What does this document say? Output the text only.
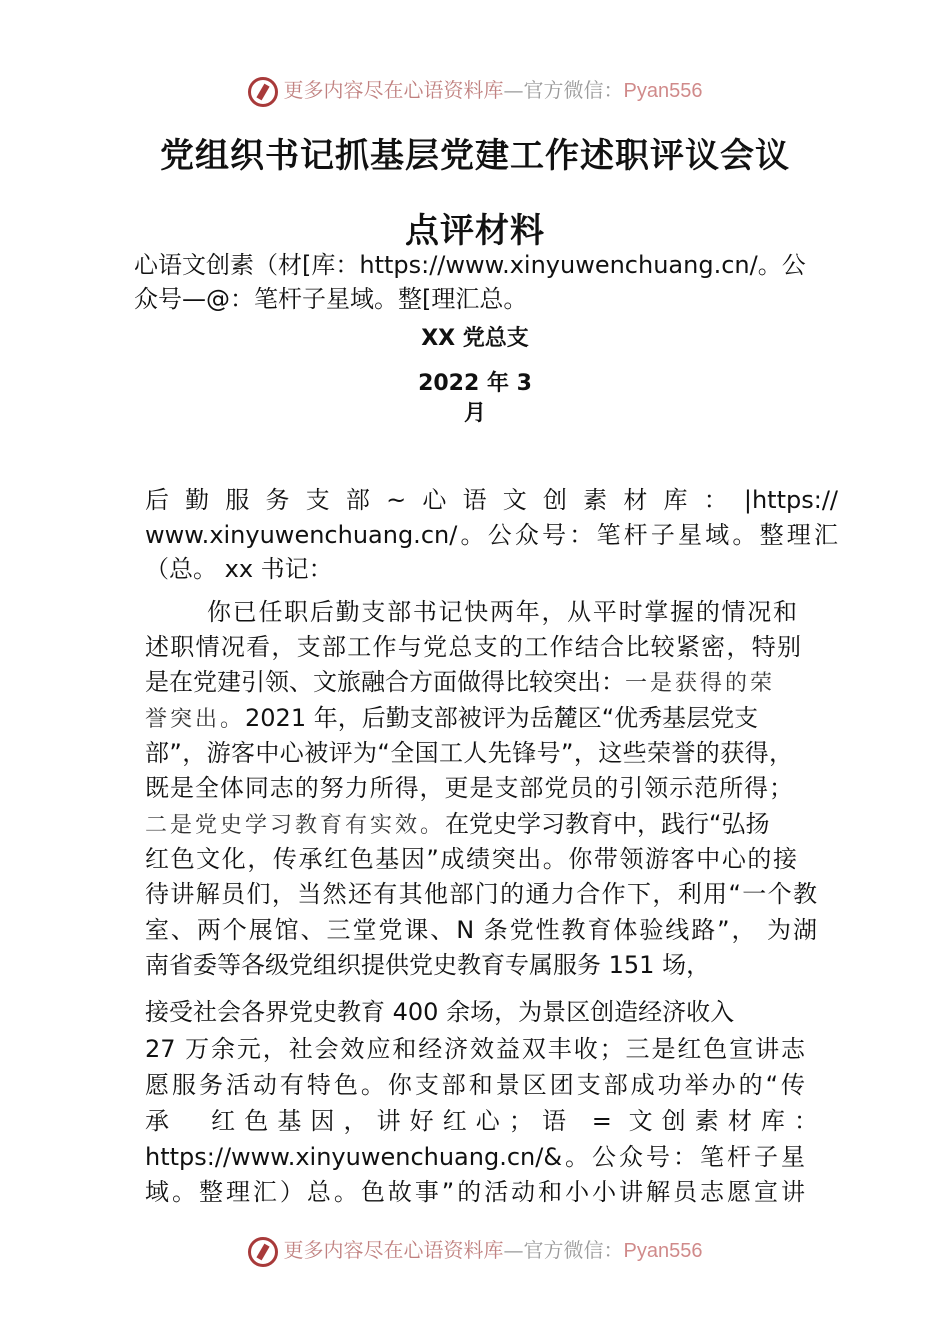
更多内容尽在心语资料库—官方微信：Pyan556
党组织书记抓基层党建工作述职评议会议
点评材料
心语文创素（材[库：https://www.xinyuwenchuang.cn/。公
众号—@：笔杆子星域。整[理汇总。
XX 党总支
2022 年 3
月
后勤服务支部~心语文创素材库：|https://
www.xinyuwenchuang.cn/。公众号：笔杆子星域。整理汇
（总。 xx 书记：
你已任职后勤支部书记快两年，从平时掌握的情况和
述职情况看，支部工作与党总支的工作结合比较紧密，特别
是在党建引领、文旅融合方面做得比较突出：一是获得的荣
誉突出。2021 年，后勤支部被评为岳麓区“优秀基层党支
部”，游客中心被评为“全国工人先锋号”，这些荣誉的获得，
既是全体同志的努力所得，更是支部党员的引领示范所得；
二是党史学习教育有实效。在党史学习教育中，践行“弘扬
红色文化，传承红色基因”成绩突出。你带领游客中心的接
待讲解员们，当然还有其他部门的通力合作下，利用“一个教
室、两个展馆、三堂党课、N 条党性教育体验线路”， 为湖
南省委等各级党组织提供党史教育专属服务 151 场，
接受社会各界党史教育 400 余场，为景区创造经济收入
27 万余元，社会效应和经济效益双丰收；三是红色宣讲志
愿服务活动有特色。你支部和景区团支部成功举办的“传
承　红色基因，讲好红心；语 = 文创素材库：
https://www.xinyuwenchuang.cn/&。公众号：笔杆子星
域。整理汇）总。色故事”的活动和小小讲解员志愿宣讲
更多内容尽在心语资料库—官方微信：Pyan556
